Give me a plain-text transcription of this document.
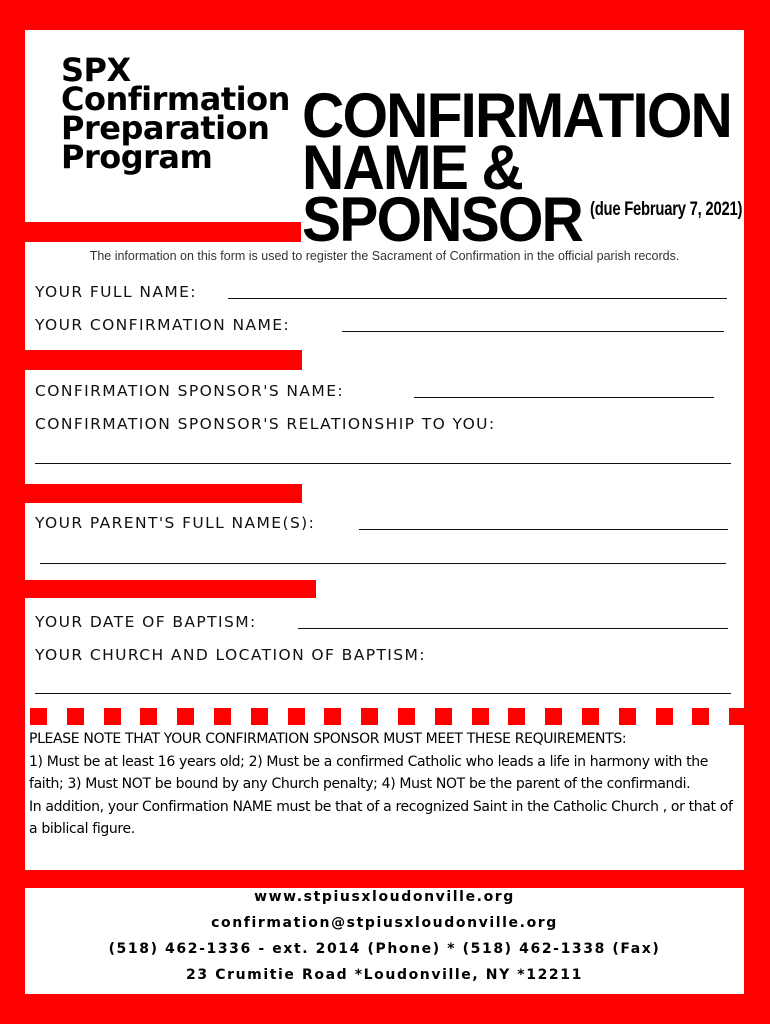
SPX
Confirmation
Preparation
Program
CONFIRMATION
NAME &
SPONSOR (due February 7, 2021)
The information on this form is used to register the Sacrament of Confirmation in the official parish records.
YOUR FULL NAME:
YOUR CONFIRMATION NAME:
CONFIRMATION SPONSOR'S NAME:
CONFIRMATION SPONSOR'S RELATIONSHIP TO YOU:
YOUR PARENT'S FULL NAME(S):
YOUR DATE OF BAPTISM:
YOUR CHURCH AND LOCATION OF BAPTISM:

PLEASE NOTE THAT YOUR CONFIRMATION SPONSOR MUST MEET THESE REQUIREMENTS:

1) Must be at least 16 years old; 2) Must be a confirmed Catholic who leads a life in harmony with the faith; 3) Must NOT be bound by any Church penalty; 4) Must NOT be the parent of the confirmandi.

In addition, your Confirmation NAME must be that of a recognized Saint in the Catholic Church , or that of a biblical figure.

www.stpiusxloudonville.org
confirmation@stpiusxloudonville.org
(518) 462-1336 - ext. 2014 (Phone) * (518) 462-1338 (Fax)
23 Crumitie Road *Loudonville, NY *12211
